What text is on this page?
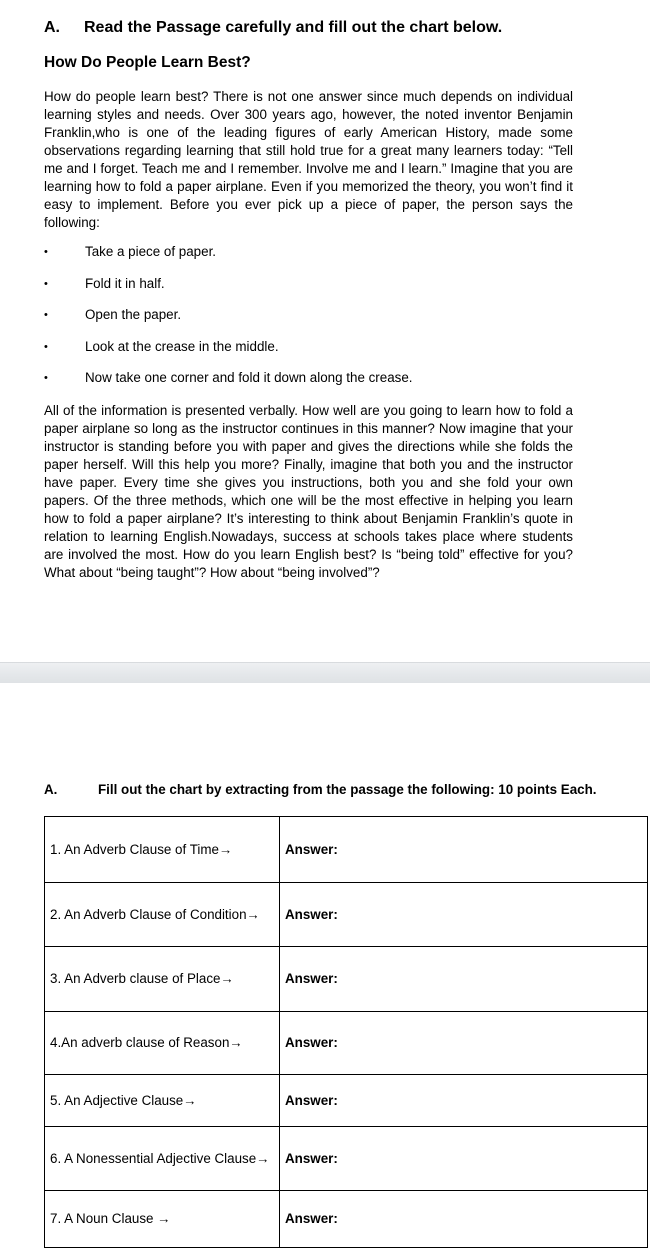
A. Read the Passage carefully and fill out the chart below.
How Do People Learn Best?

How do people learn best? There is not one answer since much depends on individual learning styles and needs. Over 300 years ago, however, the noted inventor Benjamin Franklin,who is one of the leading figures of early American History, made some observations regarding learning that still hold true for a great many learners today: “Tell me and I forget. Teach me and I remember. Involve me and I learn.” Imagine that you are learning how to fold a paper airplane. Even if you memorized the theory, you won’t find it easy to implement. Before you ever pick up a piece of paper, the person says the following:

•	Take a piece of paper.
•	Fold it in half.
•	Open the paper.
•	Look at the crease in the middle.
•	Now take one corner and fold it down along the crease.

All of the information is presented verbally. How well are you going to learn how to fold a paper airplane so long as the instructor continues in this manner? Now imagine that your instructor is standing before you with paper and gives the directions while she folds the paper herself. Will this help you more? Finally, imagine that both you and the instructor have paper. Every time she gives you instructions, both you and she fold your own papers. Of the three methods, which one will be the most effective in helping you learn how to fold a paper airplane? It’s interesting to think about Benjamin Franklin’s quote in relation to learning English.Nowadays, success at schools takes place where students are involved the most. How do you learn English best? Is “being told” effective for you? What about “being taught”? How about “being involved”?

A.	Fill out the chart by extracting from the passage the following: 10 points Each.
1. An Adverb Clause of Time→	Answer:
2. An Adverb Clause of Condition→	Answer:
3. An Adverb clause of Place→	Answer:
4.An adverb clause of Reason→	Answer:
5. An Adjective Clause→	Answer:
6. A Nonessential Adjective Clause→	Answer:
7. A Noun Clause →	Answer:
